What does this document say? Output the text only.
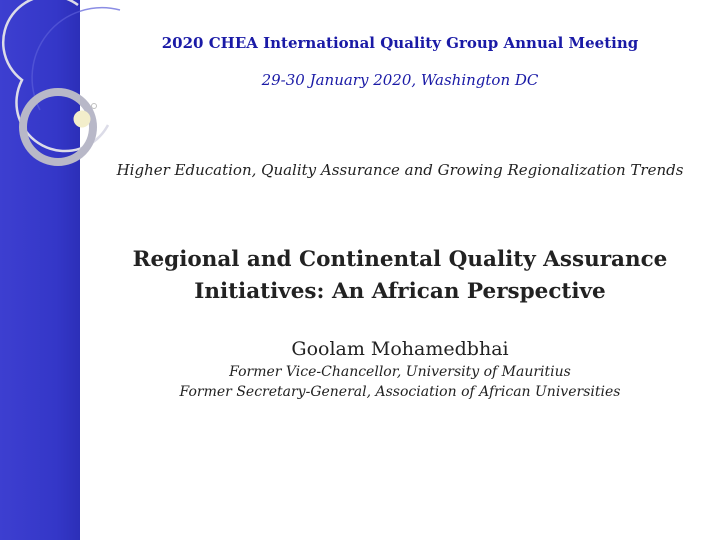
2020 CHEA International Quality Group Annual Meeting
29-30 January 2020, Washington DC
Higher Education, Quality Assurance and Growing Regionalization Trends
Regional and Continental Quality Assurance
Initiatives: An African Perspective
Goolam Mohamedbhai
Former Vice-Chancellor, University of Mauritius
Former Secretary-General, Association of African Universities
